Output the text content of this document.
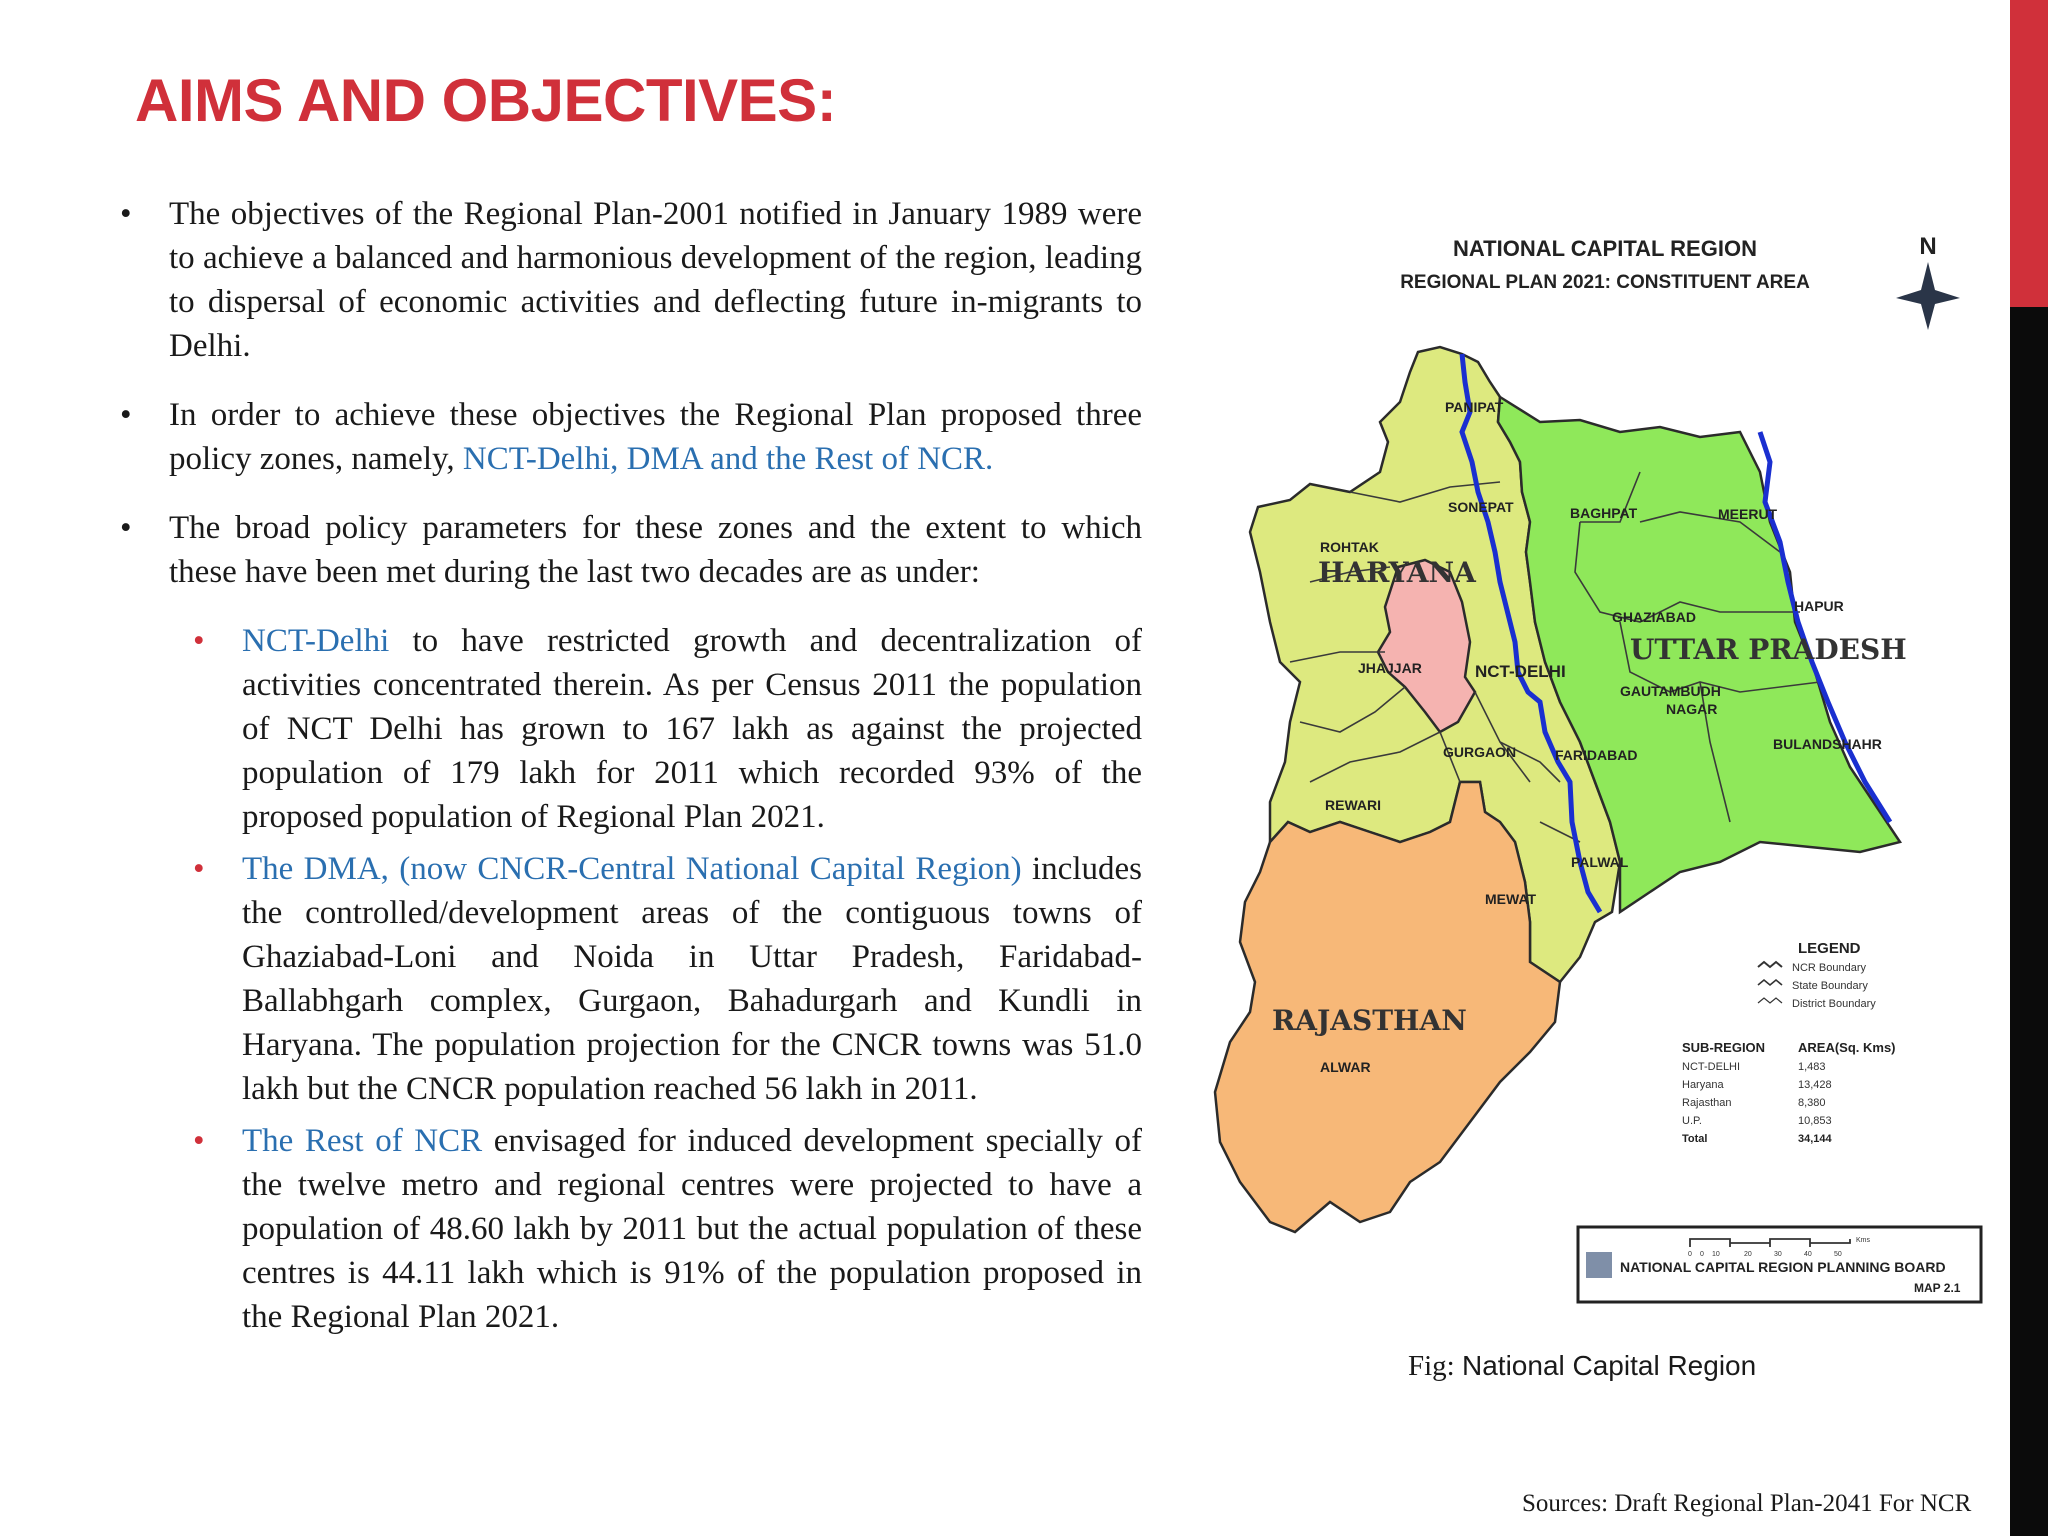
AIMS AND OBJECTIVES:

• The objectives of the Regional Plan-2001 notified in January 1989 were to achieve a balanced and harmonious development of the region, leading to dispersal of economic activities and deflecting future in-migrants to Delhi.

• In order to achieve these objectives the Regional Plan proposed three policy zones, namely, NCT-Delhi, DMA and the Rest of NCR.

• The broad policy parameters for these zones and the extent to which these have been met during the last two decades are as under:

• NCT-Delhi to have restricted growth and decentralization of activities concentrated therein. As per Census 2011 the population of NCT Delhi has grown to 167 lakh as against the projected population of 179 lakh for 2011 which recorded 93% of the proposed population of Regional Plan 2021.

• The DMA, (now CNCR-Central National Capital Region) includes the controlled/development areas of the contiguous towns of Ghaziabad-Loni and Noida in Uttar Pradesh, Faridabad-Ballabhgarh complex, Gurgaon, Bahadurgarh and Kundli in Haryana. The population projection for the CNCR towns was 51.0 lakh but the CNCR population reached 56 lakh in 2011.

• The Rest of NCR envisaged for induced development specially of the twelve metro and regional centres were projected to have a population of 48.60 lakh by 2011 but the actual population of these centres is 44.11 lakh which is 91% of the population proposed in the Regional Plan 2021.

NATIONAL CAPITAL REGION
REGIONAL PLAN 2021: CONSTITUENT AREA
N
HARYANA
UTTAR PRADESH
RAJASTHAN
PANIPAT
SONEPAT
ROHTAK
JHAJJAR	NCT-DELHI
GURGAON	FARIDABAD
REWARI
PALWAL
MEWAT
ALWAR
BAGHPAT	MEERUT
GHAZIABAD
HAPUR
GAUTAMBUDH
NAGAR
BULANDSHAHR
LEGEND
NCR Boundary
State Boundary
District Boundary
SUB-REGION	AREA(Sq. Kms)
NCT-DELHI	1,483
Haryana	13,428
Rajasthan	8,380
U.P.	10,853
Total	34,144
0 0 10	20	30	40	50
Kms
NATIONAL CAPITAL REGION PLANNING BOARD
MAP 2.1
Fig: National Capital Region
Sources: Draft Regional Plan-2041 For NCR
